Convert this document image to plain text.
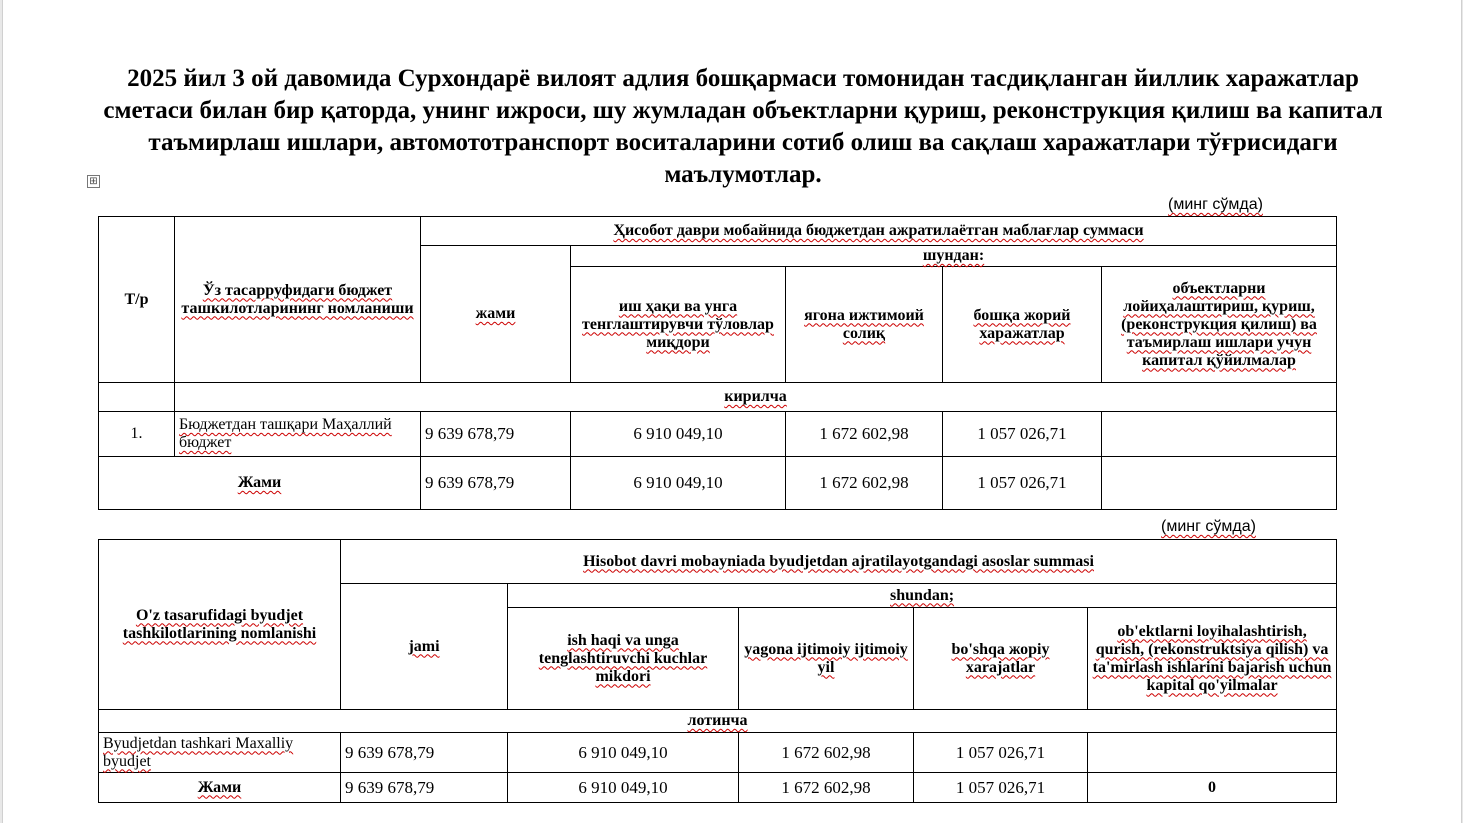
2025 йил 3 ой давомида Сурхондарё вилоят адлия бошқармаси томонидан тасдиқланган йиллик харажатлар сметаси билан бир қаторда, унинг ижроси, шу жумладан объектларни қуриш, реконструкция қилиш ва капитал таъмирлаш ишлари, автомототранспорт воситаларини сотиб олиш ва сақлаш харажатлари тўғрисидаги маълумотлар.
⊞
(минг сўмда)
Т/р	Ўз тасарруфидаги бюджет ташкилотларининг номланиши	Ҳисобот даври мобайнида бюджетдан ажратилаётган маблағлар суммаси				
		жами	шундан:			
			иш ҳақи ва унга тенглаштирувчи тўловлар миқдори	ягона ижтимоий солиқ	бошқа жорий харажатлар	объектларни лойиҳалаштириш, қуриш, (реконструкция қилиш) ва таъмирлаш ишлари учун капитал қўйилмалар
	кирилча					
1.	Бюджетдан ташқари Маҳаллий бюджет	9 639 678,79	6 910 049,10	1 672 602,98	1 057 026,71	
Жами		9 639 678,79	6 910 049,10	1 672 602,98	1 057 026,71	
(минг сўмда)
O'z tasarufidagi byudjet tashkilotlarining nomlanishi	Hisobot davri mobayniada byudjetdan ajratilayotgandagi asoslar summasi				
	jami	shundan;			
		ish haqi va unga tenglashtiruvchi kuchlar mikdori	yagona ijtimoiy ijtimoiy yil	bo'shqa жорiy xarajatlar	ob'ektlarni loyihalashtirish, qurish, (rekonstruktsiya qilish) va ta'mirlash ishlarini bajarish uchun kapital qo'yilmalar
лотинча					
Byudjetdan tashkari Maxalliy byudjet	9 639 678,79	6 910 049,10	1 672 602,98	1 057 026,71	
Жами	9 639 678,79	6 910 049,10	1 672 602,98	1 057 026,71	0
